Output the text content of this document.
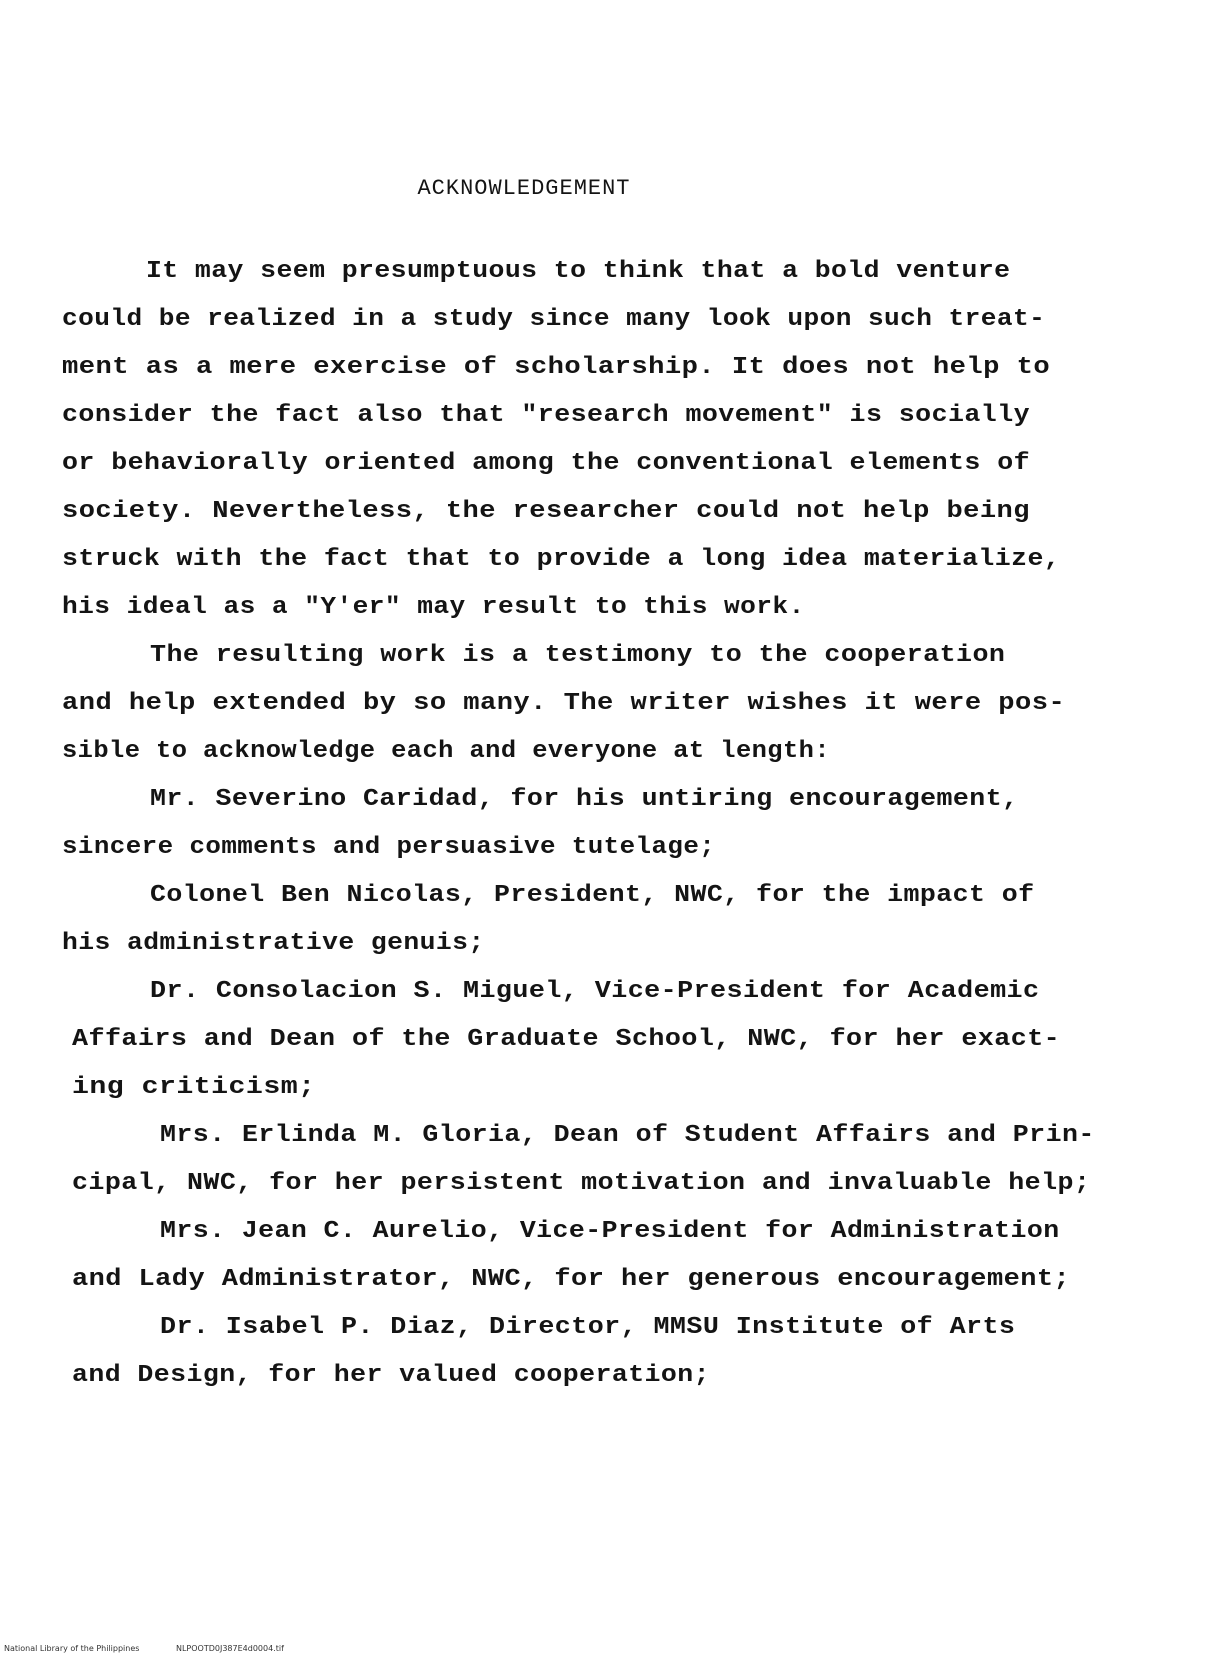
ACKNOWLEDGEMENT
It may seem presumptuous to think that a bold venture
could be realized in a study since many look upon such treat-
ment as a mere exercise of scholarship. It does not help to
consider the fact also that "research movement" is socially
or behaviorally oriented among the conventional elements of
society. Nevertheless, the researcher could not help being
struck with the fact that to provide a long idea materialize,
his ideal as a "Y'er" may result to this work.
The resulting work is a testimony to the cooperation
and help extended by so many. The writer wishes it were pos-
sible to acknowledge each and everyone at length:
Mr. Severino Caridad, for his untiring encouragement,
sincere comments and persuasive tutelage;
Colonel Ben Nicolas, President, NWC, for the impact of
his administrative genuis;
Dr. Consolacion S. Miguel, Vice-President for Academic
Affairs and Dean of the Graduate School, NWC, for her exact-
ing criticism;
Mrs. Erlinda M. Gloria, Dean of Student Affairs and Prin-
cipal, NWC, for her persistent motivation and invaluable help;
Mrs. Jean C. Aurelio, Vice-President for Administration
and Lady Administrator, NWC, for her generous encouragement;
Dr. Isabel P. Diaz, Director, MMSU Institute of Arts
and Design, for her valued cooperation;
National Library of the Philippines	NLPOOTD0J387E4d0004.tif
